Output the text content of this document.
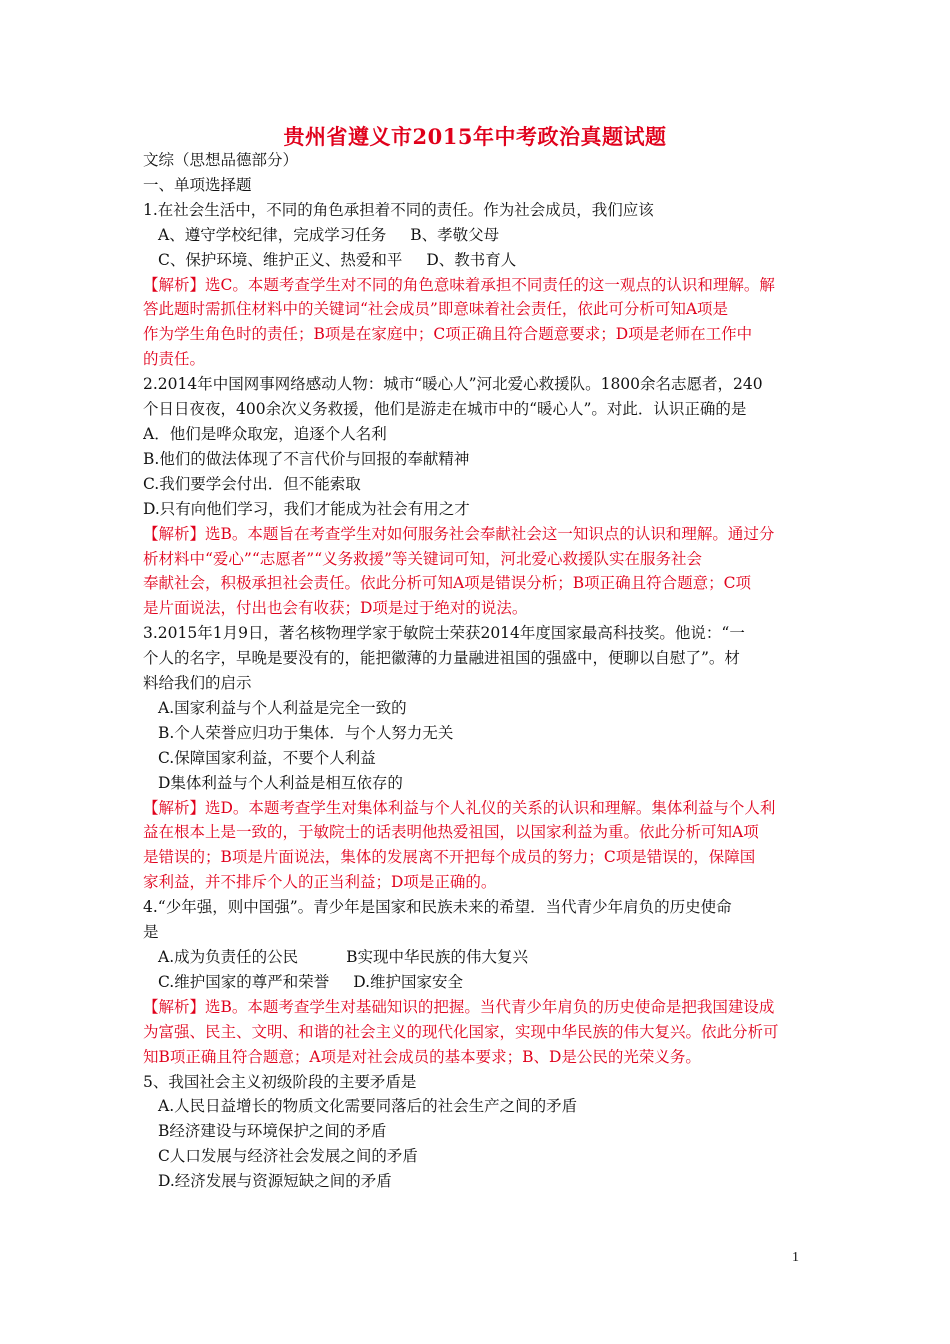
贵州省遵义市2015年中考政治真题试题
文综（思想品德部分）
一、单项选择题
1.在社会生活中，不同的角色承担着不同的责任。作为社会成员，我们应该
A、遵守学校纪律，完成学习任务 B、孝敬父母
C、保护环境、维护正义、热爱和平 D、教书育人
【解析】选C。本题考查学生对不同的角色意味着承担不同责任的这一观点的认识和理解。解
答此题时需抓住材料中的关键词“社会成员”即意味着社会责任，依此可分析可知A项是
作为学生角色时的责任；B项是在家庭中；C项正确且符合题意要求；D项是老师在工作中
的责任。
2.2014年中国网事网络感动人物：城市“暖心人”河北爱心救援队。1800余名志愿者，240
个日日夜夜，400余次义务救援，他们是游走在城市中的“暖心人”。对此．认识正确的是
A．他们是哗众取宠，追逐个人名利
B.他们的做法体现了不言代价与回报的奉献精神
C.我们要学会付出．但不能索取
D.只有向他们学习，我们才能成为社会有用之才
【解析】选B。本题旨在考查学生对如何服务社会奉献社会这一知识点的认识和理解。通过分
析材料中“爱心”“志愿者”“义务救援”等关键词可知，河北爱心救援队实在服务社会
奉献社会，积极承担社会责任。依此分析可知A项是错误分析；B项正确且符合题意；C项
是片面说法，付出也会有收获；D项是过于绝对的说法。
3.2015年1月9日，著名核物理学家于敏院士荣获2014年度国家最高科技奖。他说：“一
个人的名字，早晚是要没有的，能把徽薄的力量融进祖国的强盛中，便聊以自慰了”。材
料给我们的启示
A.国家利益与个人利益是完全一致的
B.个人荣誉应归功于集体．与个人努力无关
C.保障国家利益，不要个人利益
D集体利益与个人利益是相互依存的
【解析】选D。本题考查学生对集体利益与个人礼仪的关系的认识和理解。集体利益与个人利
益在根本上是一致的，于敏院士的话表明他热爱祖国，以国家利益为重。依此分析可知A项
是错误的；B项是片面说法，集体的发展离不开把每个成员的努力；C项是错误的，保障国
家利益，并不排斥个人的正当利益；D项是正确的。
4.“少年强，则中国强”。青少年是国家和民族未来的希望．当代青少年肩负的历史使命
是
A.成为负责任的公民	B实现中华民族的伟大复兴
C.维护国家的尊严和荣誉 D.维护国家安全
【解析】选B。本题考查学生对基础知识的把握。当代青少年肩负的历史使命是把我国建设成
为富强、民主、文明、和谐的社会主义的现代化国家，实现中华民族的伟大复兴。依此分析可
知B项正确且符合题意；A项是对社会成员的基本要求；B、D是公民的光荣义务。
5、我国社会主义初级阶段的主要矛盾是
A.人民日益增长的物质文化需要同落后的社会生产之间的矛盾
B经济建设与环境保护之间的矛盾
C人口发展与经济社会发展之间的矛盾
D.经济发展与资源短缺之间的矛盾
1
